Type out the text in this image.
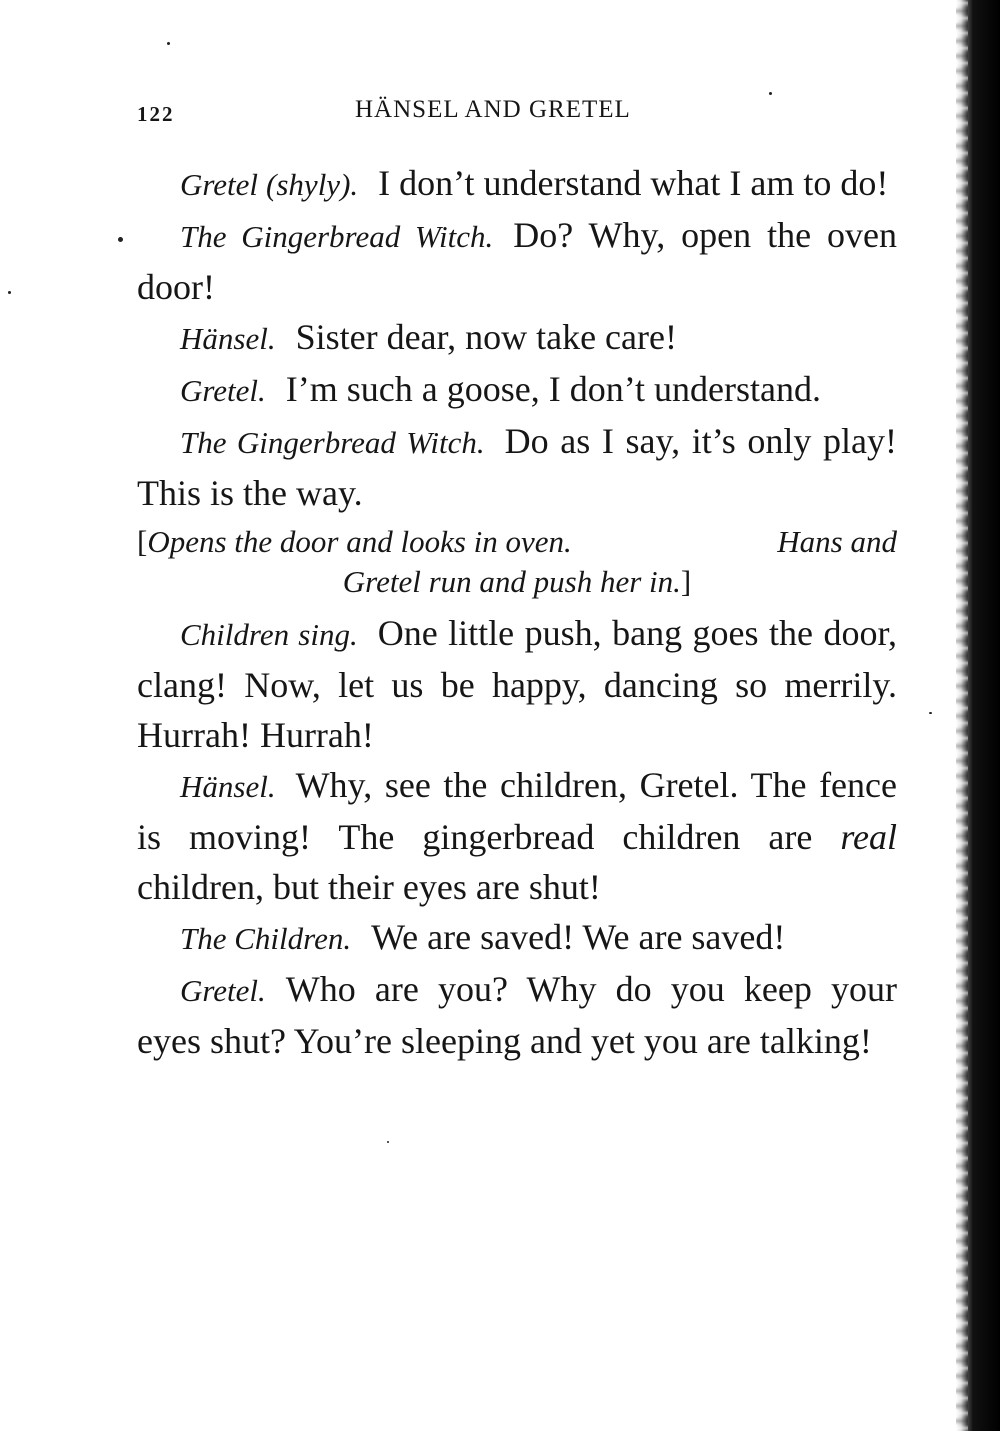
122	HÄNSEL AND GRETEL

Gretel (shyly). I don’t understand what I am to do!

The Gingerbread Witch. Do? Why, open the oven door!

Hänsel. Sister dear, now take care!

Gretel. I’m such a goose, I don’t understand.

The Gingerbread Witch. Do as I say, it’s only play! This is the way.

[Opens the door and looks in oven.	Hans and
Gretel run and push her in.]

Children sing. One little push, bang goes the door, clang! Now, let us be happy, dancing so merrily. Hurrah! Hurrah!

Hänsel. Why, see the children, Gretel. The fence is moving! The gingerbread children are real children, but their eyes are shut!

The Children. We are saved! We are saved!

Gretel. Who are you? Why do you keep your eyes shut? You’re sleeping and yet you are talking!
